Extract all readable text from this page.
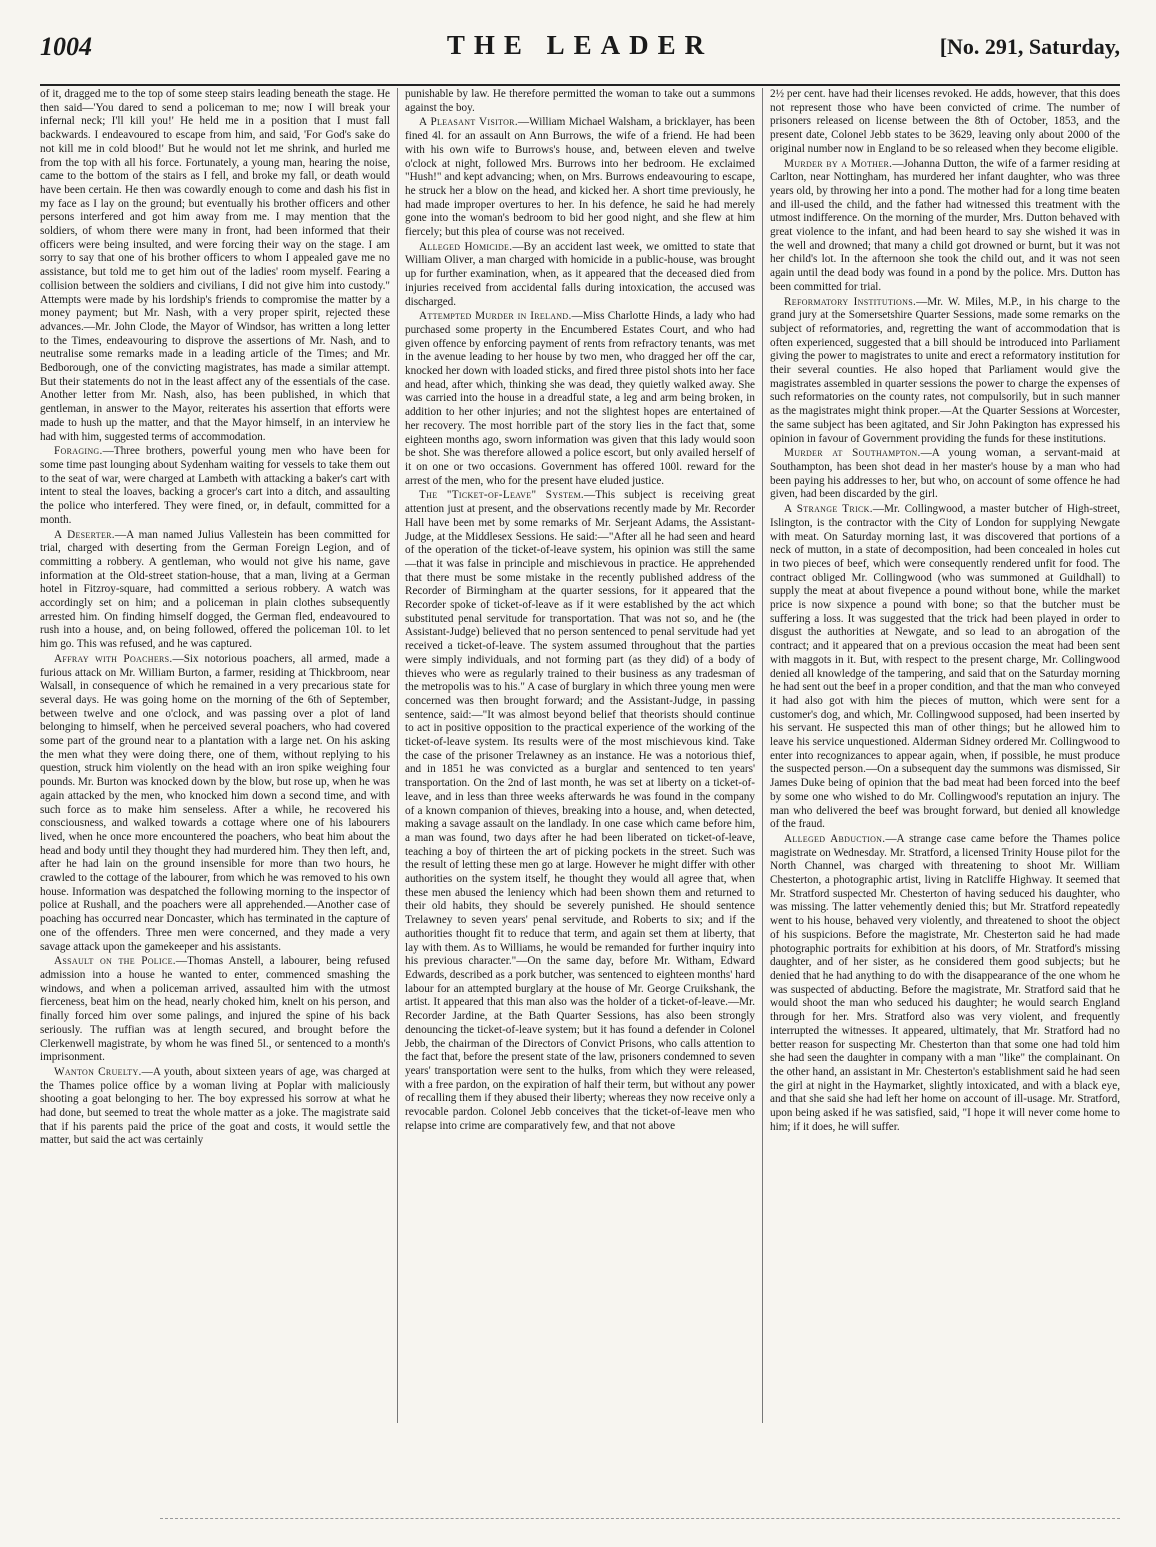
1004	THE LEADER	[No. 291, Saturday,

of it, dragged me to the top of some steep stairs leading beneath the stage. He then said—'You dared to send a policeman to me; now I will break your infernal neck; I'll kill you!' He held me in a position that I must fall backwards. I endeavoured to escape from him, and said, 'For God's sake do not kill me in cold blood!' But he would not let me shrink, and hurled me from the top with all his force. Fortunately, a young man, hearing the noise, came to the bottom of the stairs as I fell, and broke my fall, or death would have been certain. He then was cowardly enough to come and dash his fist in my face as I lay on the ground; but eventually his brother officers and other persons interfered and got him away from me. I may mention that the soldiers, of whom there were many in front, had been informed that their officers were being insulted, and were forcing their way on the stage. I am sorry to say that one of his brother officers to whom I appealed gave me no assistance, but told me to get him out of the ladies' room myself. Fearing a collision between the soldiers and civilians, I did not give him into custody." Attempts were made by his lordship's friends to compromise the matter by a money payment; but Mr. Nash, with a very proper spirit, rejected these advances.—Mr. John Clode, the Mayor of Windsor, has written a long letter to the Times, endeavouring to disprove the assertions of Mr. Nash, and to neutralise some remarks made in a leading article of the Times; and Mr. Bedborough, one of the convicting magistrates, has made a similar attempt. But their statements do not in the least affect any of the essentials of the case. Another letter from Mr. Nash, also, has been published, in which that gentleman, in answer to the Mayor, reiterates his assertion that efforts were made to hush up the matter, and that the Mayor himself, in an interview he had with him, suggested terms of accommodation.

Foraging.—Three brothers, powerful young men who have been for some time past lounging about Sydenham waiting for vessels to take them out to the seat of war, were charged at Lambeth with attacking a baker's cart with intent to steal the loaves, backing a grocer's cart into a ditch, and assaulting the police who interfered. They were fined, or, in default, committed for a month.

A Deserter.—A man named Julius Vallestein has been committed for trial, charged with deserting from the German Foreign Legion, and of committing a robbery. A gentleman, who would not give his name, gave information at the Old-street station-house, that a man, living at a German hotel in Fitzroy-square, had committed a serious robbery. A watch was accordingly set on him; and a policeman in plain clothes subsequently arrested him. On finding himself dogged, the German fled, endeavoured to rush into a house, and, on being followed, offered the policeman 10l. to let him go. This was refused, and he was captured.

Affray with Poachers.—Six notorious poachers, all armed, made a furious attack on Mr. William Burton, a farmer, residing at Thickbroom, near Walsall, in consequence of which he remained in a very precarious state for several days. He was going home on the morning of the 6th of September, between twelve and one o'clock, and was passing over a plot of land belonging to himself, when he perceived several poachers, who had covered some part of the ground near to a plantation with a large net. On his asking the men what they were doing there, one of them, without replying to his question, struck him violently on the head with an iron spike weighing four pounds. Mr. Burton was knocked down by the blow, but rose up, when he was again attacked by the men, who knocked him down a second time, and with such force as to make him senseless. After a while, he recovered his consciousness, and walked towards a cottage where one of his labourers lived, when he once more encountered the poachers, who beat him about the head and body until they thought they had murdered him. They then left, and, after he had lain on the ground insensible for more than two hours, he crawled to the cottage of the labourer, from which he was removed to his own house. Information was despatched the following morning to the inspector of police at Rushall, and the poachers were all apprehended.—Another case of poaching has occurred near Doncaster, which has terminated in the capture of one of the offenders. Three men were concerned, and they made a very savage attack upon the gamekeeper and his assistants.

Assault on the Police.—Thomas Anstell, a labourer, being refused admission into a house he wanted to enter, commenced smashing the windows, and when a policeman arrived, assaulted him with the utmost fierceness, beat him on the head, nearly choked him, knelt on his person, and finally forced him over some palings, and injured the spine of his back seriously. The ruffian was at length secured, and brought before the Clerkenwell magistrate, by whom he was fined 5l., or sentenced to a month's imprisonment.

Wanton Cruelty.—A youth, about sixteen years of age, was charged at the Thames police office by a woman living at Poplar with maliciously shooting a goat belonging to her. The boy expressed his sorrow at what he had done, but seemed to treat the whole matter as a joke. The magistrate said that if his parents paid the price of the goat and costs, it would settle the matter, but said the act was certainly

punishable by law. He therefore permitted the woman to take out a summons against the boy.

A Pleasant Visitor.—William Michael Walsham, a bricklayer, has been fined 4l. for an assault on Ann Burrows, the wife of a friend. He had been with his own wife to Burrows's house, and, between eleven and twelve o'clock at night, followed Mrs. Burrows into her bedroom. He exclaimed "Hush!" and kept advancing; when, on Mrs. Burrows endeavouring to escape, he struck her a blow on the head, and kicked her. A short time previously, he had made improper overtures to her. In his defence, he said he had merely gone into the woman's bedroom to bid her good night, and she flew at him fiercely; but this plea of course was not received.

Alleged Homicide.—By an accident last week, we omitted to state that William Oliver, a man charged with homicide in a public-house, was brought up for further examination, when, as it appeared that the deceased died from injuries received from accidental falls during intoxication, the accused was discharged.

Attempted Murder in Ireland.—Miss Charlotte Hinds, a lady who had purchased some property in the Encumbered Estates Court, and who had given offence by enforcing payment of rents from refractory tenants, was met in the avenue leading to her house by two men, who dragged her off the car, knocked her down with loaded sticks, and fired three pistol shots into her face and head, after which, thinking she was dead, they quietly walked away. She was carried into the house in a dreadful state, a leg and arm being broken, in addition to her other injuries; and not the slightest hopes are entertained of her recovery. The most horrible part of the story lies in the fact that, some eighteen months ago, sworn information was given that this lady would soon be shot. She was therefore allowed a police escort, but only availed herself of it on one or two occasions. Government has offered 100l. reward for the arrest of the men, who for the present have eluded justice.

The "Ticket-of-Leave" System.—This subject is receiving great attention just at present, and the observations recently made by Mr. Recorder Hall have been met by some remarks of Mr. Serjeant Adams, the Assistant-Judge, at the Middlesex Sessions. He said:—"After all he had seen and heard of the operation of the ticket-of-leave system, his opinion was still the same—that it was false in principle and mischievous in practice. He apprehended that there must be some mistake in the recently published address of the Recorder of Birmingham at the quarter sessions, for it appeared that the Recorder spoke of ticket-of-leave as if it were established by the act which substituted penal servitude for transportation. That was not so, and he (the Assistant-Judge) believed that no person sentenced to penal servitude had yet received a ticket-of-leave. The system assumed throughout that the parties were simply individuals, and not forming part (as they did) of a body of thieves who were as regularly trained to their business as any tradesman of the metropolis was to his." A case of burglary in which three young men were concerned was then brought forward; and the Assistant-Judge, in passing sentence, said:—"It was almost beyond belief that theorists should continue to act in positive opposition to the practical experience of the working of the ticket-of-leave system. Its results were of the most mischievous kind. Take the case of the prisoner Trelawney as an instance. He was a notorious thief, and in 1851 he was convicted as a burglar and sentenced to ten years' transportation. On the 2nd of last month, he was set at liberty on a ticket-of-leave, and in less than three weeks afterwards he was found in the company of a known companion of thieves, breaking into a house, and, when detected, making a savage assault on the landlady. In one case which came before him, a man was found, two days after he had been liberated on ticket-of-leave, teaching a boy of thirteen the art of picking pockets in the street. Such was the result of letting these men go at large. However he might differ with other authorities on the system itself, he thought they would all agree that, when these men abused the leniency which had been shown them and returned to their old habits, they should be severely punished. He should sentence Trelawney to seven years' penal servitude, and Roberts to six; and if the authorities thought fit to reduce that term, and again set them at liberty, that lay with them. As to Williams, he would be remanded for further inquiry into his previous character."—On the same day, before Mr. Witham, Edward Edwards, described as a pork butcher, was sentenced to eighteen months' hard labour for an attempted burglary at the house of Mr. George Cruikshank, the artist. It appeared that this man also was the holder of a ticket-of-leave.—Mr. Recorder Jardine, at the Bath Quarter Sessions, has also been strongly denouncing the ticket-of-leave system; but it has found a defender in Colonel Jebb, the chairman of the Directors of Convict Prisons, who calls attention to the fact that, before the present state of the law, prisoners condemned to seven years' transportation were sent to the hulks, from which they were released, with a free pardon, on the expiration of half their term, but without any power of recalling them if they abused their liberty; whereas they now receive only a revocable pardon. Colonel Jebb conceives that the ticket-of-leave men who relapse into crime are comparatively few, and that not above

2½ per cent. have had their licenses revoked. He adds, however, that this does not represent those who have been convicted of crime. The number of prisoners released on license between the 8th of October, 1853, and the present date, Colonel Jebb states to be 3629, leaving only about 2000 of the original number now in England to be so released when they become eligible.

Murder by a Mother.—Johanna Dutton, the wife of a farmer residing at Carlton, near Nottingham, has murdered her infant daughter, who was three years old, by throwing her into a pond. The mother had for a long time beaten and ill-used the child, and the father had witnessed this treatment with the utmost indifference. On the morning of the murder, Mrs. Dutton behaved with great violence to the infant, and had been heard to say she wished it was in the well and drowned; that many a child got drowned or burnt, but it was not her child's lot. In the afternoon she took the child out, and it was not seen again until the dead body was found in a pond by the police. Mrs. Dutton has been committed for trial.

Reformatory Institutions.—Mr. W. Miles, M.P., in his charge to the grand jury at the Somersetshire Quarter Sessions, made some remarks on the subject of reformatories, and, regretting the want of accommodation that is often experienced, suggested that a bill should be introduced into Parliament giving the power to magistrates to unite and erect a reformatory institution for their several counties. He also hoped that Parliament would give the magistrates assembled in quarter sessions the power to charge the expenses of such reformatories on the county rates, not compulsorily, but in such manner as the magistrates might think proper.—At the Quarter Sessions at Worcester, the same subject has been agitated, and Sir John Pakington has expressed his opinion in favour of Government providing the funds for these institutions.

Murder at Southampton.—A young woman, a servant-maid at Southampton, has been shot dead in her master's house by a man who had been paying his addresses to her, but who, on account of some offence he had given, had been discarded by the girl.

A Strange Trick.—Mr. Collingwood, a master butcher of High-street, Islington, is the contractor with the City of London for supplying Newgate with meat. On Saturday morning last, it was discovered that portions of a neck of mutton, in a state of decomposition, had been concealed in holes cut in two pieces of beef, which were consequently rendered unfit for food. The contract obliged Mr. Collingwood (who was summoned at Guildhall) to supply the meat at about fivepence a pound without bone, while the market price is now sixpence a pound with bone; so that the butcher must be suffering a loss. It was suggested that the trick had been played in order to disgust the authorities at Newgate, and so lead to an abrogation of the contract; and it appeared that on a previous occasion the meat had been sent with maggots in it. But, with respect to the present charge, Mr. Collingwood denied all knowledge of the tampering, and said that on the Saturday morning he had sent out the beef in a proper condition, and that the man who conveyed it had also got with him the pieces of mutton, which were sent for a customer's dog, and which, Mr. Collingwood supposed, had been inserted by his servant. He suspected this man of other things; but he allowed him to leave his service unquestioned. Alderman Sidney ordered Mr. Collingwood to enter into recognizances to appear again, when, if possible, he must produce the suspected person.—On a subsequent day the summons was dismissed, Sir James Duke being of opinion that the bad meat had been forced into the beef by some one who wished to do Mr. Collingwood's reputation an injury. The man who delivered the beef was brought forward, but denied all knowledge of the fraud.

Alleged Abduction.—A strange case came before the Thames police magistrate on Wednesday. Mr. Stratford, a licensed Trinity House pilot for the North Channel, was charged with threatening to shoot Mr. William Chesterton, a photographic artist, living in Ratcliffe Highway. It seemed that Mr. Stratford suspected Mr. Chesterton of having seduced his daughter, who was missing. The latter vehemently denied this; but Mr. Stratford repeatedly went to his house, behaved very violently, and threatened to shoot the object of his suspicions. Before the magistrate, Mr. Chesterton said he had made photographic portraits for exhibition at his doors, of Mr. Stratford's missing daughter, and of her sister, as he considered them good subjects; but he denied that he had anything to do with the disappearance of the one whom he was suspected of abducting. Before the magistrate, Mr. Stratford said that he would shoot the man who seduced his daughter; he would search England through for her. Mrs. Stratford also was very violent, and frequently interrupted the witnesses. It appeared, ultimately, that Mr. Stratford had no better reason for suspecting Mr. Chesterton than that some one had told him she had seen the daughter in company with a man "like" the complainant. On the other hand, an assistant in Mr. Chesterton's establishment said he had seen the girl at night in the Haymarket, slightly intoxicated, and with a black eye, and that she said she had left her home on account of ill-usage. Mr. Stratford, upon being asked if he was satisfied, said, "I hope it will never come home to him; if it does, he will suffer.
